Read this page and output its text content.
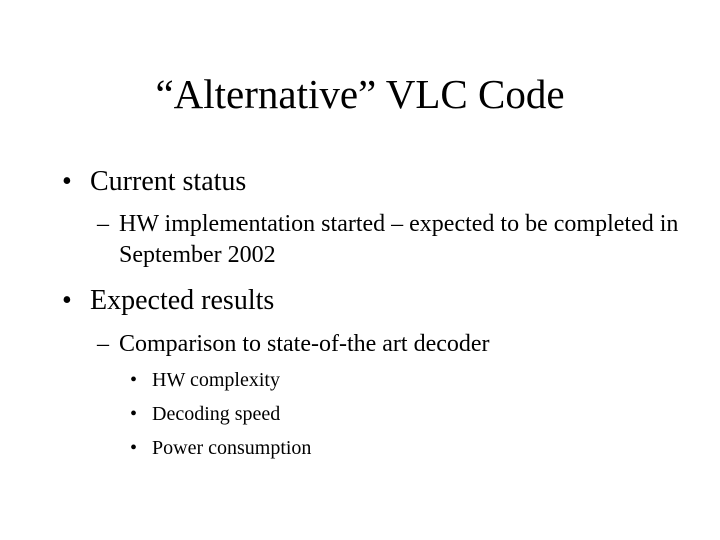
“Alternative” VLC Code
• Current status
– HW implementation started – expected to be completed in September 2002
• Expected results
– Comparison to state-of-the art decoder
• HW complexity
• Decoding speed
• Power consumption
